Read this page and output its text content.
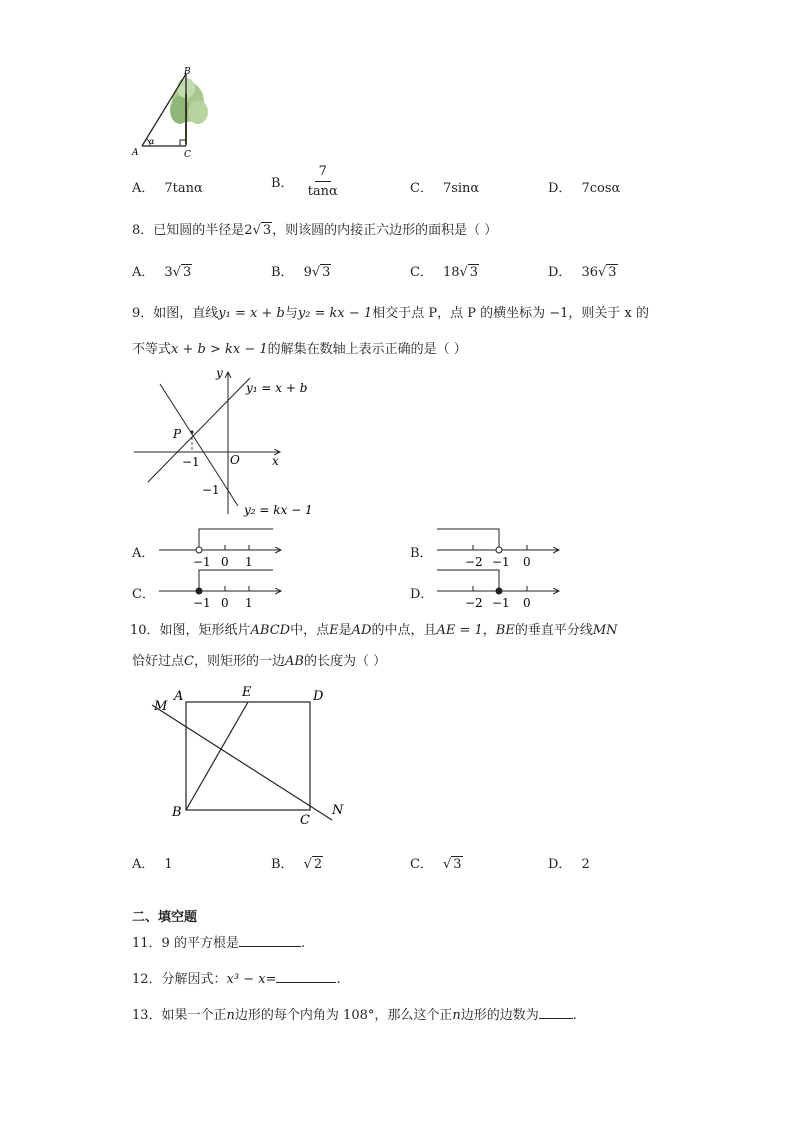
B
A	C
α
A． 7tanα	B． $\frac{7}{\tan\alpha}$	C． 7sinα	D． 7cosα
8．已知圆的半径是2√ 3，则该圆的内接正六边形的面积是（ ）
A． 3√ 3	B． 9√ 3	C． 18√ 3	D． 36√ 3
9．如图，直线y₁ = x + b与y₂ = kx − 1相交于点 P，点 P 的横坐标为 −1，则关于 x 的
不等式x + b > kx − 1的解集在数轴上表示正确的是（ ）
y
x
O
P
−1
−1
y₁ = x + b
y₂ = kx − 1
A．
−1 0 1
B．
−2 −1 0
C．
−1 0 1
D．
−2 −1 0
10．如图，矩形纸片ABCD中，点E是AD的中点，且AE = 1，BE的垂直平分线MN
恰好过点C，则矩形的一边AB的长度为（ ）
M
A	E	D
B
C
N
A． 1	B． √ 2	C． √ 3	D． 2
二、填空题
11．9 的平方根是	.
12．分解因式：x³ − x=	.
13．如果一个正n边形的每个内角为 108°，那么这个正n边形的边数为	.
